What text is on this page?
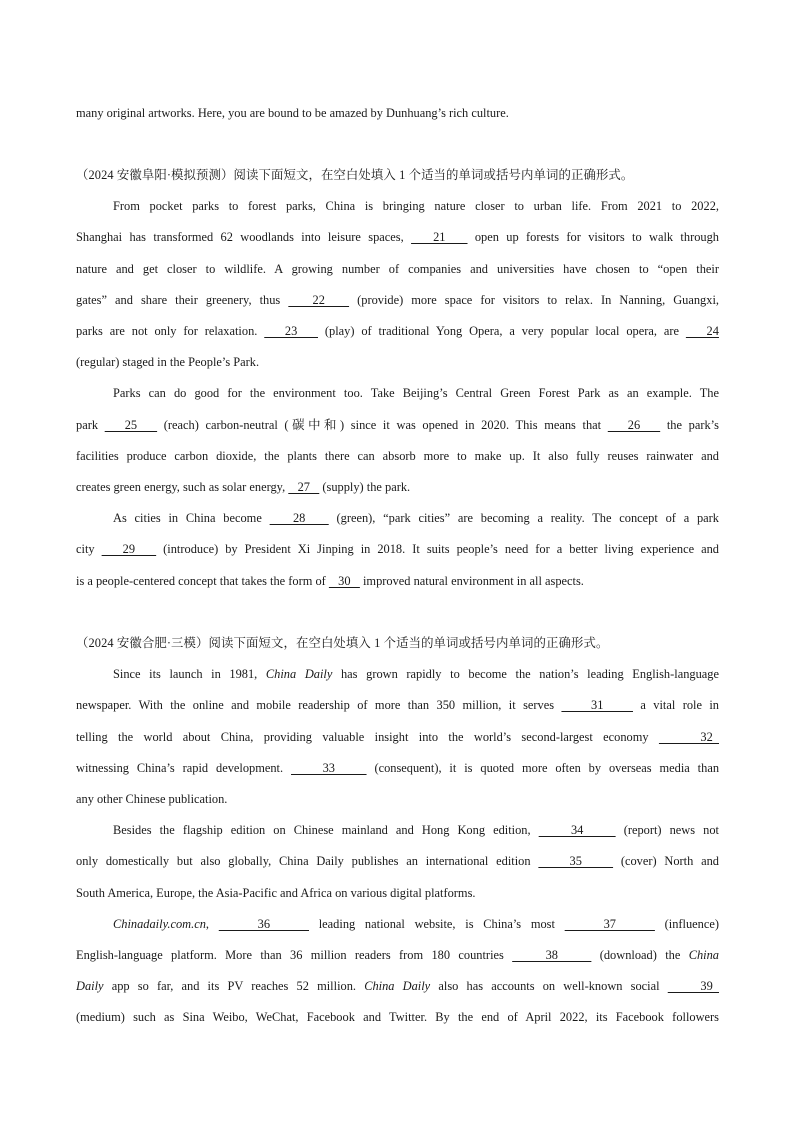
many original artworks. Here, you are bound to be amazed by Dunhuang’s rich culture.
（2024 安徽阜阳·模拟预测）阅读下面短文，在空白处填入 1 个适当的单词或括号内单词的正确形式。
From pocket parks to forest parks, China is bringing nature closer to urban life. From 2021 to 2022,
Shanghai has transformed 62 woodlands into leisure spaces,    21    open up forests for visitors to walk through
nature and get closer to wildlife. A growing number of companies and universities have chosen to “open their
gates” and share their greenery, thus    22    (provide) more space for visitors to relax. In Nanning, Guangxi,
parks are not only for relaxation.    23    (play) of traditional Yong Opera, a very popular local opera, are    24
(regular) staged in the People’s Park.
Parks can do good for the environment too. Take Beijing’s Central Green Forest Park as an example. The
park    25    (reach) carbon-neutral (碳中和) since it was opened in 2020. This means that    26    the park’s
facilities produce carbon dioxide, the plants there can absorb more to make up. It also fully reuses rainwater and
creates green energy, such as solar energy,    27    (supply) the park.
As cities in China become    28    (green), “park cities” are becoming a reality. The concept of a park
city    29    (introduce) by President Xi Jinping in 2018. It suits people’s need for a better living experience and
is a people-centered concept that takes the form of    30    improved natural environment in all aspects.
（2024 安徽合肥·三模）阅读下面短文，在空白处填入 1 个适当的单词或括号内单词的正确形式。
Since its launch in 1981, China Daily has grown rapidly to become the nation’s leading English-language
newspaper. With the online and mobile readership of more than 350 million, it serves     31     a vital role in
telling the world about China, providing valuable insight into the world’s second-largest economy     32
witnessing China’s rapid development.     33     (consequent), it is quoted more often by overseas media than
any other Chinese publication.
Besides the flagship edition on Chinese mainland and Hong Kong edition,     34     (report) news not
only domestically but also globally, China Daily publishes an international edition     35     (cover) North and
South America, Europe, the Asia-Pacific and Africa on various digital platforms.
Chinadaily.com.cn,     36     leading national website, is China’s most     37     (influence)
English-language platform. More than 36 million readers from 180 countries     38     (download) the China
Daily app so far, and its PV reaches 52 million. China Daily also has accounts on well-known social     39
(medium) such as Sina Weibo, WeChat, Facebook and Twitter. By the end of April 2022, its Facebook followers
